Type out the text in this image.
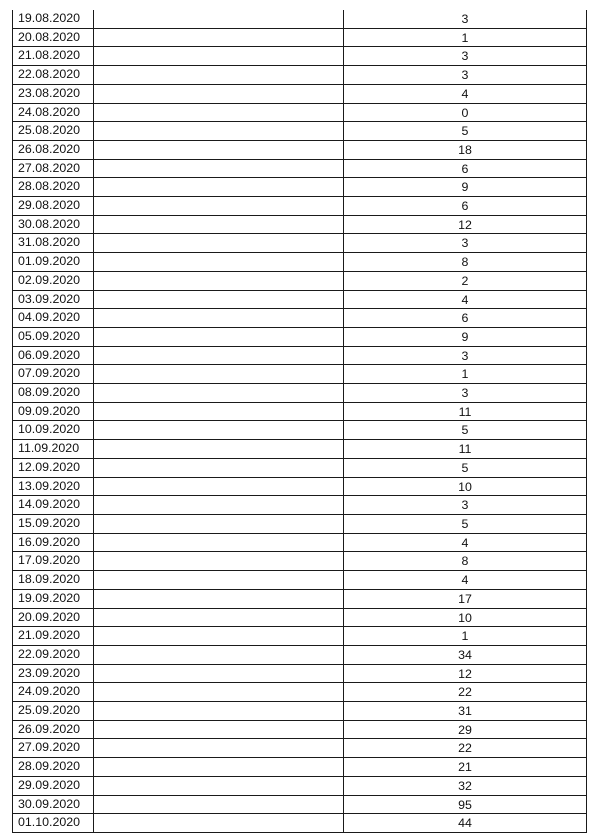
19.08.2020		3
20.08.2020		1
21.08.2020		3
22.08.2020		3
23.08.2020		4
24.08.2020		0
25.08.2020		5
26.08.2020		18
27.08.2020		6
28.08.2020		9
29.08.2020		6
30.08.2020		12
31.08.2020		3
01.09.2020		8
02.09.2020		2
03.09.2020		4
04.09.2020		6
05.09.2020		9
06.09.2020		3
07.09.2020		1
08.09.2020		3
09.09.2020		11
10.09.2020		5
11.09.2020		11
12.09.2020		5
13.09.2020		10
14.09.2020		3
15.09.2020		5
16.09.2020		4
17.09.2020		8
18.09.2020		4
19.09.2020		17
20.09.2020		10
21.09.2020		1
22.09.2020		34
23.09.2020		12
24.09.2020		22
25.09.2020		31
26.09.2020		29
27.09.2020		22
28.09.2020		21
29.09.2020		32
30.09.2020		95
01.10.2020		44
